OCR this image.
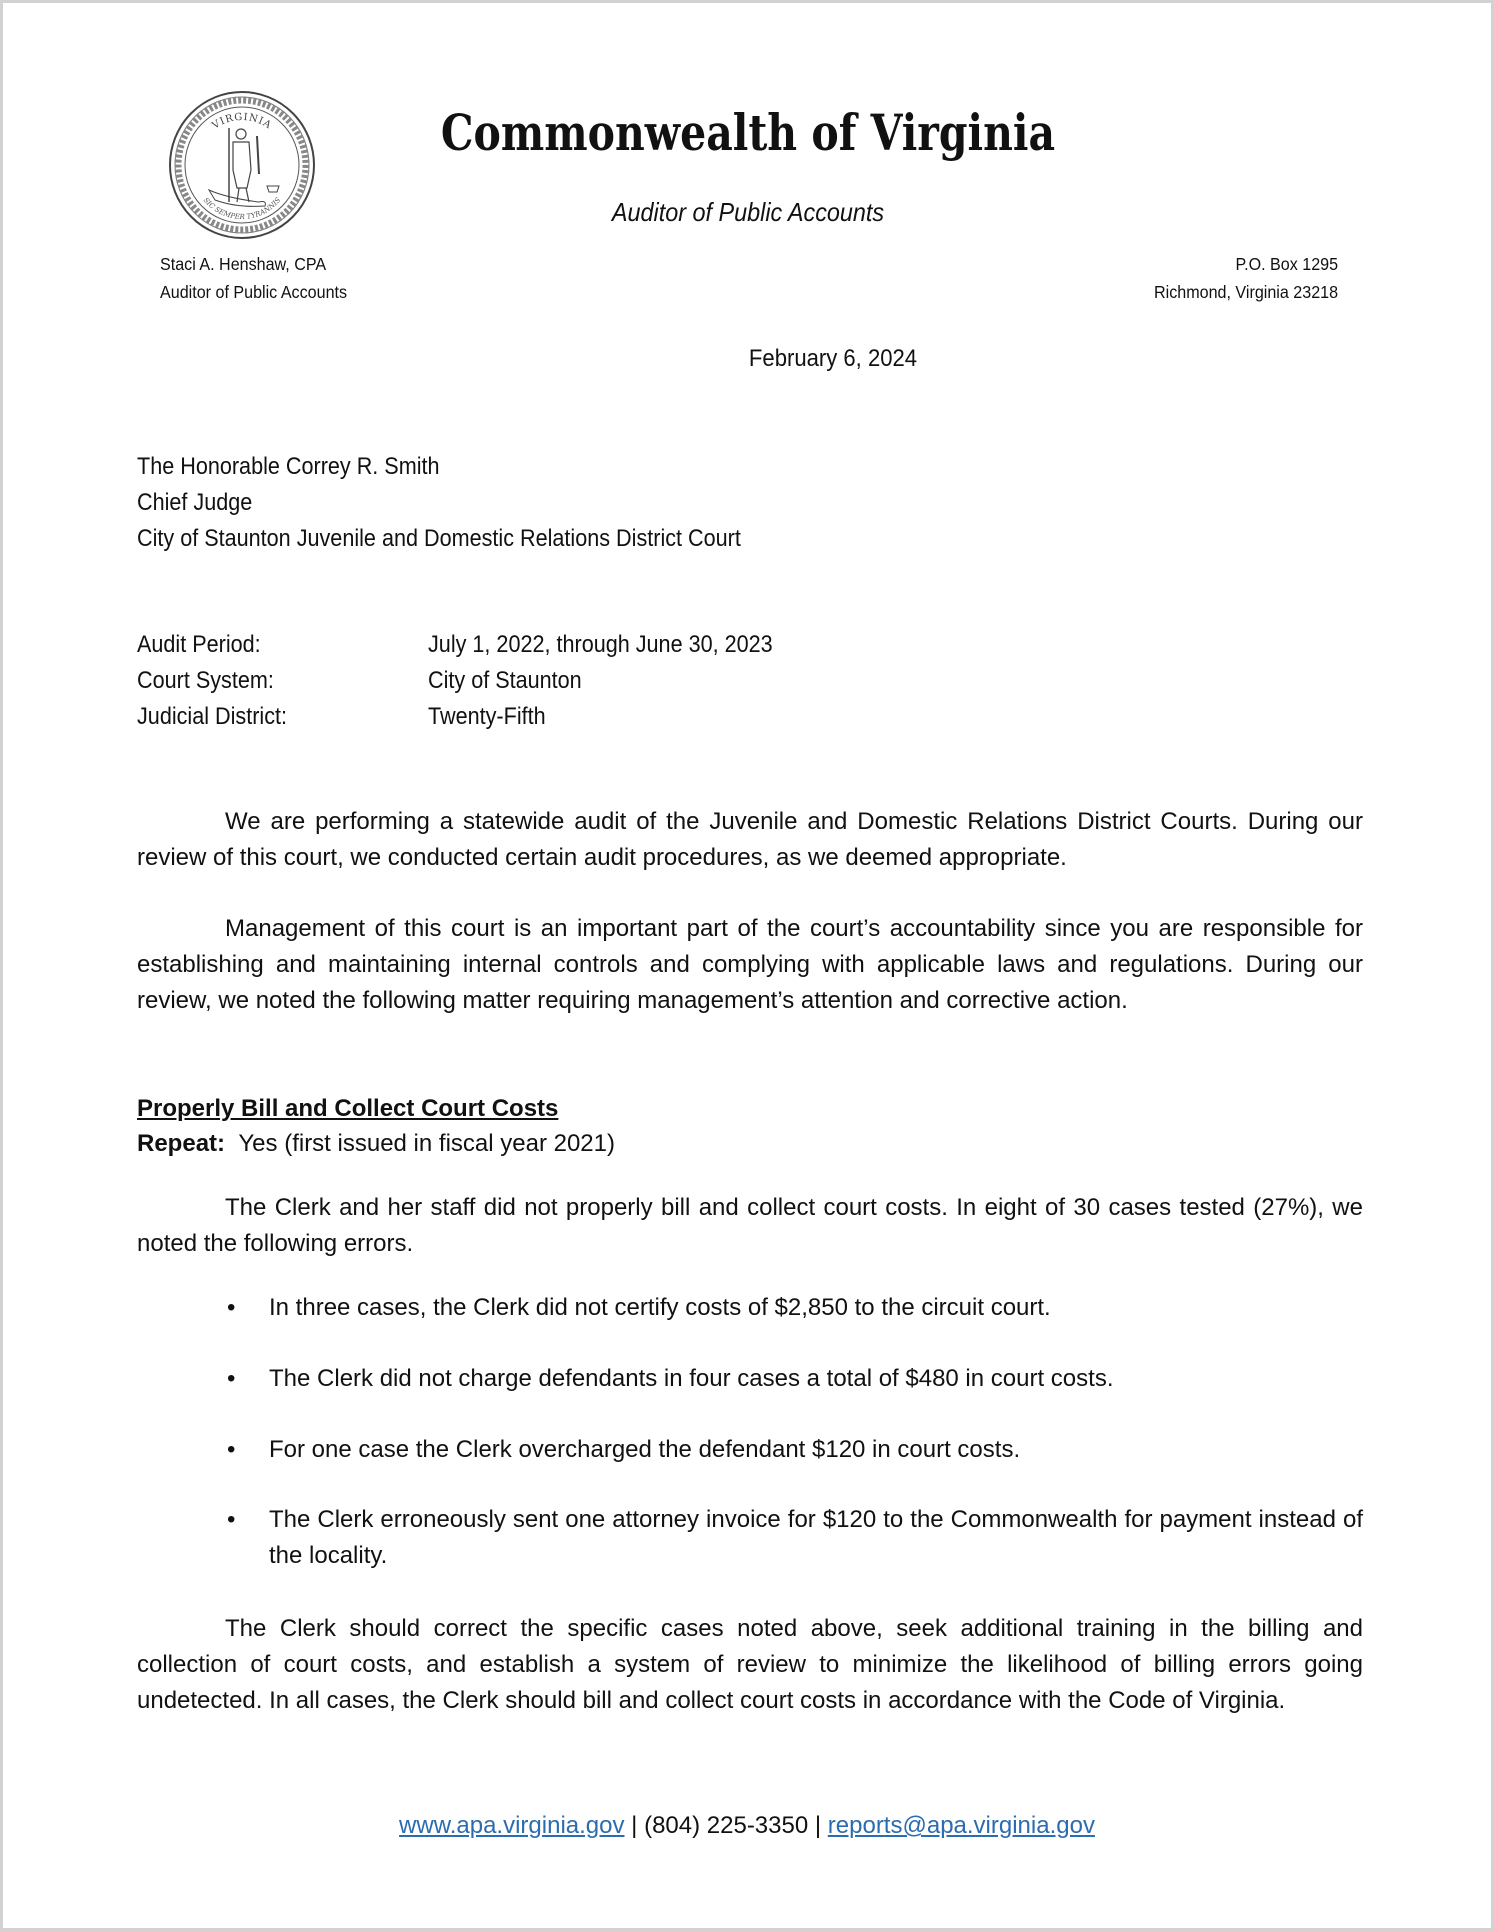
VIRGINIA
SIC SEMPER TYRANNIS
Commonwealth of Virginia
Auditor of Public Accounts
Staci A. Henshaw, CPA
Auditor of Public Accounts
P.O. Box 1295
Richmond, Virginia 23218
February 6, 2024
The Honorable Correy R. Smith
Chief Judge
City of Staunton Juvenile and Domestic Relations District Court
Audit Period:	July 1, 2022, through June 30, 2023
Court System:	City of Staunton
Judicial District:	Twenty-Fifth
We are performing a statewide audit of the Juvenile and Domestic Relations District Courts. During our review of this court, we conducted certain audit procedures, as we deemed appropriate.
Management of this court is an important part of the court’s accountability since you are responsible for establishing and maintaining internal controls and complying with applicable laws and regulations. During our review, we noted the following matter requiring management’s attention and corrective action.
Properly Bill and Collect Court Costs
Repeat: Yes (first issued in fiscal year 2021)
The Clerk and her staff did not properly bill and collect court costs. In eight of 30 cases tested (27%), we noted the following errors.
• In three cases, the Clerk did not certify costs of $2,850 to the circuit court.
• The Clerk did not charge defendants in four cases a total of $480 in court costs.
• For one case the Clerk overcharged the defendant $120 in court costs.
• The Clerk erroneously sent one attorney invoice for $120 to the Commonwealth for payment instead of the locality.
The Clerk should correct the specific cases noted above, seek additional training in the billing and collection of court costs, and establish a system of review to minimize the likelihood of billing errors going undetected. In all cases, the Clerk should bill and collect court costs in accordance with the Code of Virginia.
www.apa.virginia.gov | (804) 225-3350 | reports@apa.virginia.gov
